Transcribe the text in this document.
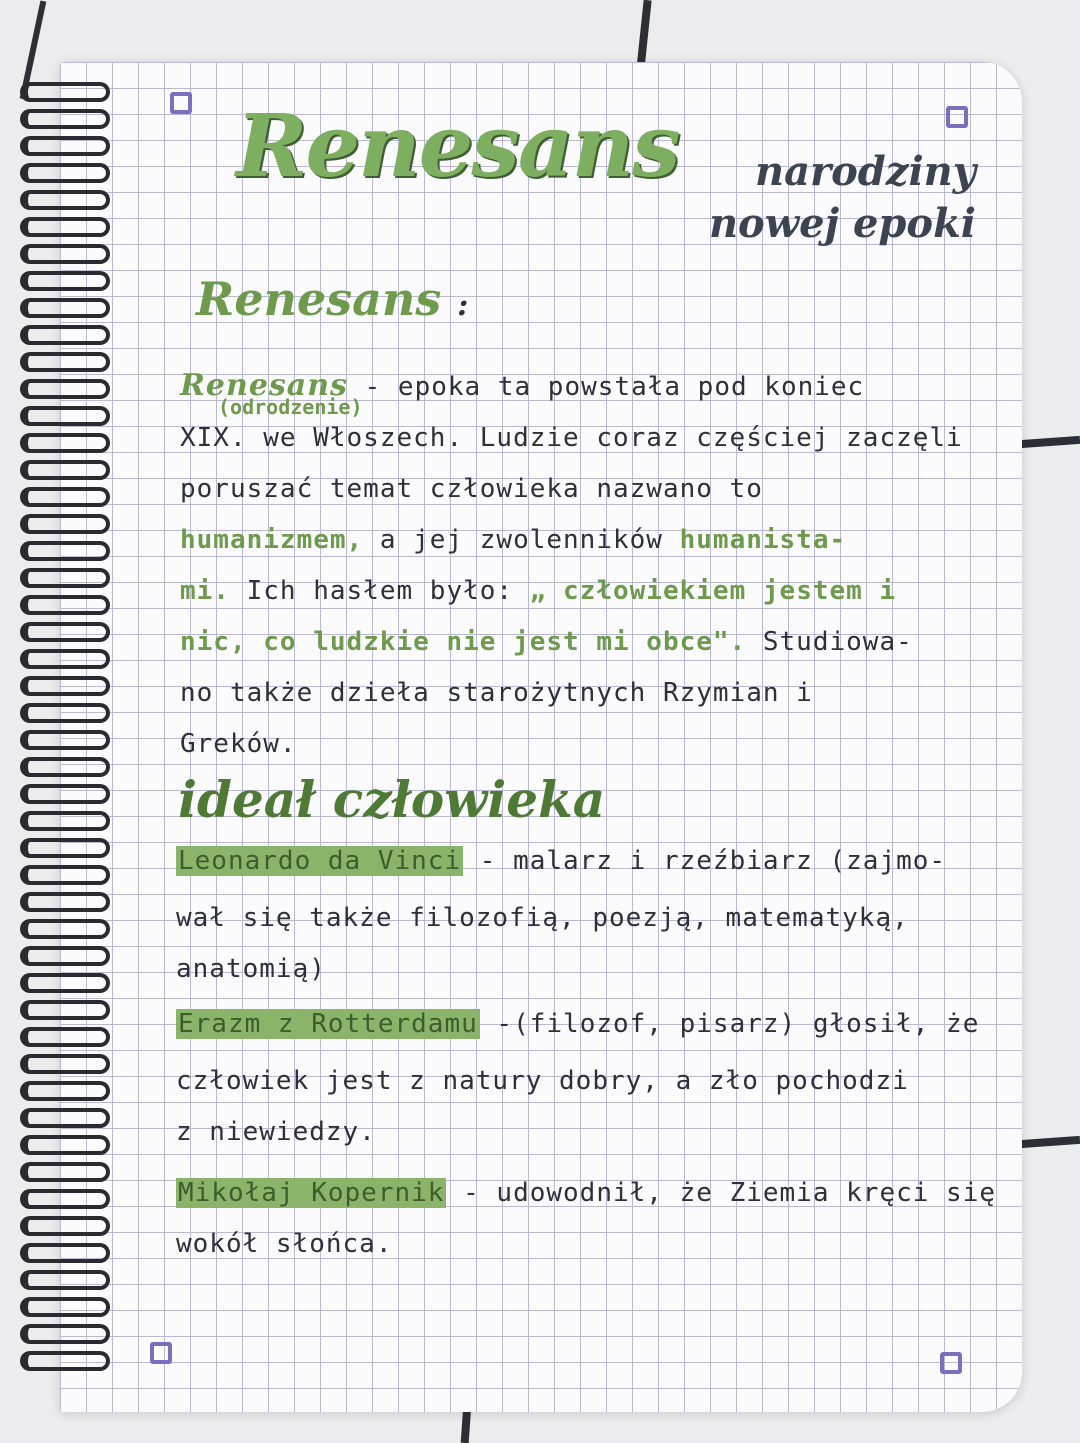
Renesans	narodziny
nowej epoki
Renesans :
Renesans - epoka ta powstała pod koniec
XIX. we Włoszech. Ludzie coraz częściej zaczęli
poruszać temat człowieka nazwano to
humanizmem, a jej zwolenników humanista-
mi. Ich hasłem było: „ człowiekiem jestem i
nic, co ludzkie nie jest mi obce". Studiowa-
no także dzieła starożytnych Rzymian i
Greków.
(odrodzenie)
ideał człowieka
Leonardo da Vinci - malarz i rzeźbiarz (zajmo-
wał się także filozofią, poezją, matematyką,
anatomią)
Erazm z Rotterdamu -(filozof, pisarz) głosił, że
człowiek jest z natury dobry, a zło pochodzi
z niewiedzy.
Mikołaj Kopernik - udowodnił, że Ziemia kręci się
wokół słońca.
